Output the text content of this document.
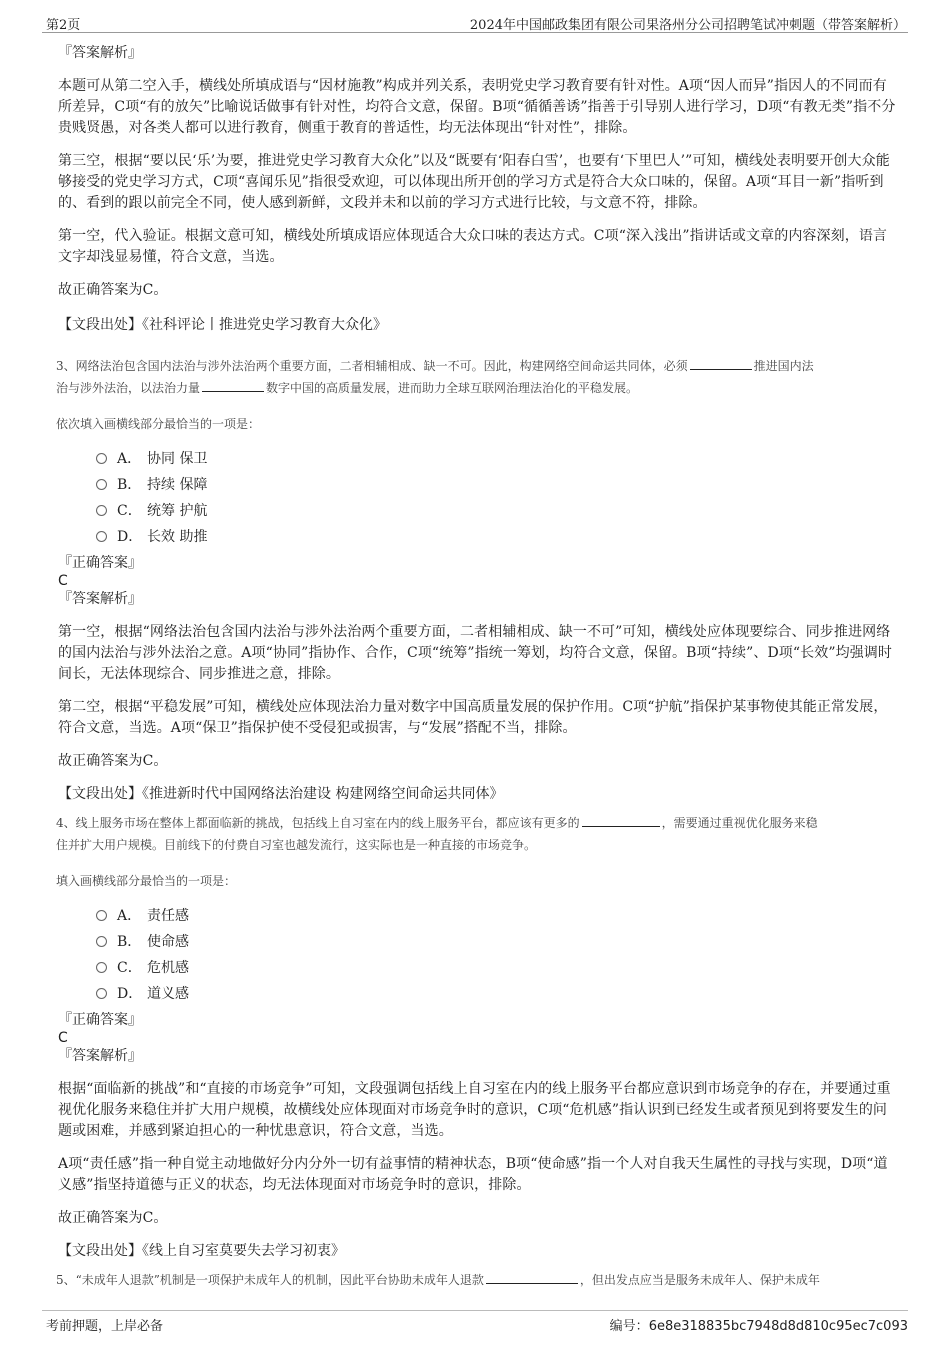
第2页	2024年中国邮政集团有限公司果洛州分公司招聘笔试冲刺题（带答案解析）

『答案解析』

本题可从第二空入手，横线处所填成语与“因材施教”构成并列关系，表明党史学习教育要有针对性。A项“因人而异”指因人的不同而有所差异，C项“有的放矢”比喻说话做事有针对性，均符合文意，保留。B项“循循善诱”指善于引导别人进行学习，D项“有教无类”指不分贵贱贤愚，对各类人都可以进行教育，侧重于教育的普适性，均无法体现出“针对性”，排除。

第三空，根据“要以民‘乐’为要，推进党史学习教育大众化”以及“既要有‘阳春白雪’，也要有‘下里巴人’”可知，横线处表明要开创大众能够接受的党史学习方式，C项“喜闻乐见”指很受欢迎，可以体现出所开创的学习方式是符合大众口味的，保留。A项“耳目一新”指听到的、看到的跟以前完全不同，使人感到新鲜，文段并未和以前的学习方式进行比较，与文意不符，排除。

第一空，代入验证。根据文意可知，横线处所填成语应体现适合大众口味的表达方式。C项“深入浅出”指讲话或文章的内容深刻，语言文字却浅显易懂，符合文意，当选。

故正确答案为C。

【文段出处】《社科评论丨推进党史学习教育大众化》

3、网络法治包含国内法治与涉外法治两个重要方面，二者相辅相成、缺一不可。因此，构建网络空间命运共同体，必须	推进国内法
治与涉外法治，以法治力量	数字中国的高质量发展，进而助力全球互联网治理法治化的平稳发展。

依次填入画横线部分最恰当的一项是：

A． 协同 保卫
B． 持续 保障
C． 统筹 护航
D． 长效 助推

『正确答案』

C

『答案解析』

第一空，根据“网络法治包含国内法治与涉外法治两个重要方面，二者相辅相成、缺一不可”可知，横线处应体现要综合、同步推进网络的国内法治与涉外法治之意。A项“协同”指协作、合作，C项“统筹”指统一筹划，均符合文意，保留。B项“持续”、D项“长效”均强调时间长，无法体现综合、同步推进之意，排除。

第二空，根据“平稳发展”可知，横线处应体现法治力量对数字中国高质量发展的保护作用。C项“护航”指保护某事物使其能正常发展，符合文意，当选。A项“保卫”指保护使不受侵犯或损害，与“发展”搭配不当，排除。

故正确答案为C。

【文段出处】《推进新时代中国网络法治建设 构建网络空间命运共同体》

4、线上服务市场在整体上都面临新的挑战，包括线上自习室在内的线上服务平台，都应该有更多的	，需要通过重视优化服务来稳
住并扩大用户规模。目前线下的付费自习室也越发流行，这实际也是一种直接的市场竞争。

填入画横线部分最恰当的一项是：

A． 责任感
B． 使命感
C． 危机感
D． 道义感

『正确答案』

C

『答案解析』

根据“面临新的挑战”和“直接的市场竞争”可知，文段强调包括线上自习室在内的线上服务平台都应意识到市场竞争的存在，并要通过重视优化服务来稳住并扩大用户规模，故横线处应体现面对市场竞争时的意识，C项“危机感”指认识到已经发生或者预见到将要发生的问题或困难，并感到紧迫担心的一种忧患意识，符合文意，当选。

A项“责任感”指一种自觉主动地做好分内分外一切有益事情的精神状态，B项“使命感”指一个人对自我天生属性的寻找与实现，D项“道义感”指坚持道德与正义的状态，均无法体现面对市场竞争时的意识，排除。

故正确答案为C。

【文段出处】《线上自习室莫要失去学习初衷》

5、“未成年人退款”机制是一项保护未成年人的机制，因此平台协助未成年人退款	，但出发点应当是服务未成年人、保护未成年

考前押题，上岸必备	编号：6e8e318835bc7948d8d810c95ec7c093
